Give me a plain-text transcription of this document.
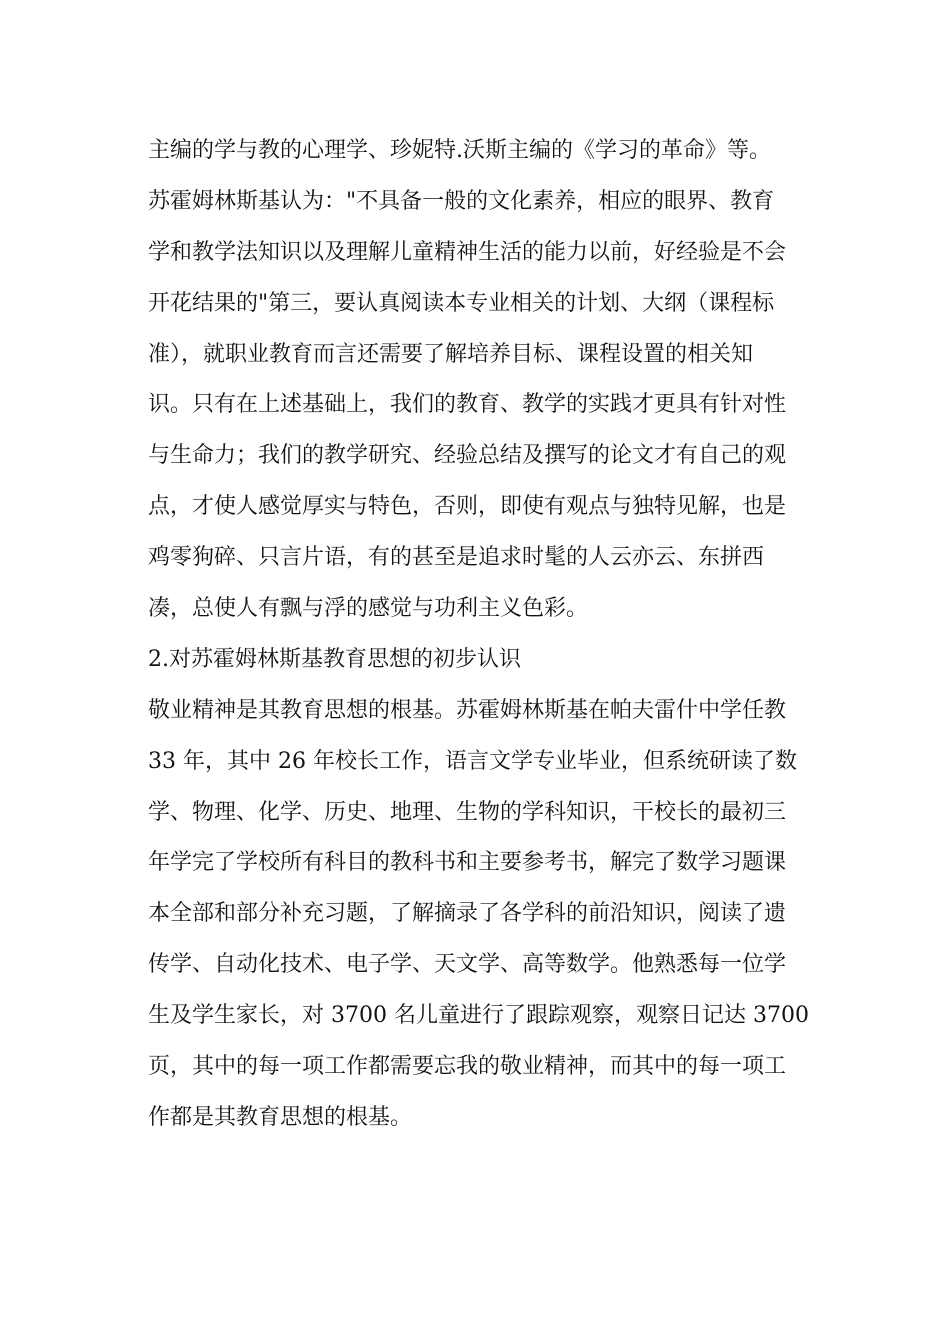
主编的学与教的心理学、珍妮特.沃斯主编的《学习的革命》等。
苏霍姆林斯基认为："不具备一般的文化素养，相应的眼界、教育
学和教学法知识以及理解儿童精神生活的能力以前，好经验是不会
开花结果的"第三，要认真阅读本专业相关的计划、大纲（课程标
准），就职业教育而言还需要了解培养目标、课程设置的相关知
识。只有在上述基础上，我们的教育、教学的实践才更具有针对性
与生命力；我们的教学研究、经验总结及撰写的论文才有自己的观
点，才使人感觉厚实与特色，否则，即使有观点与独特见解，也是
鸡零狗碎、只言片语，有的甚至是追求时髦的人云亦云、东拼西
凑，总使人有飘与浮的感觉与功利主义色彩。
2.对苏霍姆林斯基教育思想的初步认识
敬业精神是其教育思想的根基。苏霍姆林斯基在帕夫雷什中学任教
33 年，其中 26 年校长工作，语言文学专业毕业，但系统研读了数
学、物理、化学、历史、地理、生物的学科知识，干校长的最初三
年学完了学校所有科目的教科书和主要参考书，解完了数学习题课
本全部和部分补充习题，了解摘录了各学科的前沿知识，阅读了遗
传学、自动化技术、电子学、天文学、高等数学。他熟悉每一位学
生及学生家长，对 3700 名儿童进行了跟踪观察，观察日记达 3700
页，其中的每一项工作都需要忘我的敬业精神，而其中的每一项工
作都是其教育思想的根基。
